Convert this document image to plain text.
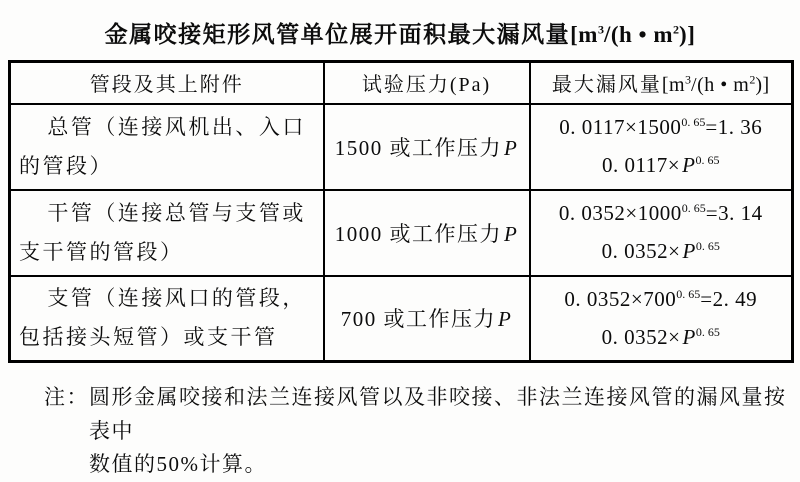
金属咬接矩形风管单位展开面积最大漏风量[$m^3/(h$ • $m^2$)]
管段及其上附件	试验压力(Pa)	最大漏风量[$m^3/(h$ • $m^2$)]
总管（连接风机出、入口的管段）	1500 或工作压力P	0. $0117\times 1500^{0. 65}=1$. 36
0. $0117\times P^{0. 65}$

干管（连接总管与支管或支干管的管段）	1000 或工作压力P	0. $0352\times 1000^{0. 65}=3$. 14
0. $0352\times P^{0. 65}$

支管（连接风口的管段，包括接头短管）或支干管	700 或工作压力P	0. $0352\times 700^{0. 65}=2$. 49
0. $0352\times P^{0. 65}$
注： 圆形金属咬接和法兰连接风管以及非咬接、非法兰连接风管的漏风量按表中
数值的50%计算。
